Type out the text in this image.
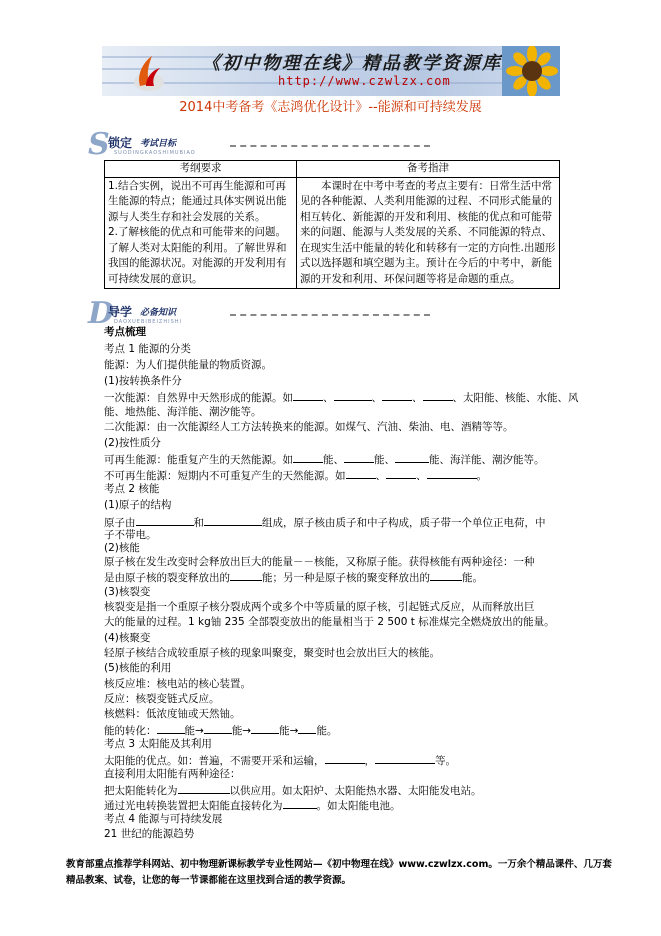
《初中物理在线》精品教学资源库
http://www.czwlzx.com
2014中考备考《志鸿优化设计》--能源和可持续发展
S
锁定 考试目标
SUODINGKAOSHIMUBIAO
考纲要求	备考指津
1.结合实例，说出不可再生能源和可再生能源的特点；能通过具体实例说出能源与人类生存和社会发展的关系。
2.了解核能的优点和可能带来的问题。了解人类对太阳能的利用。了解世界和我国的能源状况。对能源的开发利用有可持续发展的意识。	本课时在中考中考查的考点主要有：日常生活中常见的各种能源、人类利用能源的过程、不同形式能量的相互转化、新能源的开发和利用、核能的优点和可能带来的问题、能源与人类发展的关系、不同能源的特点、在现实生活中能量的转化和转移有一定的方向性.出题形式以选择题和填空题为主。预计在今后的中考中，新能源的开发和利用、环保问题等将是命题的重点。
D
导学 必备知识
DAOXUEBIBEIZHISHI
考点梳理
考点 1 能源的分类
能源：为人们提供能量的物质资源。
(1)按转换条件分
一次能源：自然界中天然形成的能源。如	、	、	、	、太阳能、核能、水能、风
能、地热能、海洋能、潮汐能等。
二次能源：由一次能源经人工方法转换来的能源。如煤气、汽油、柴油、电、酒精等等。
(2)按性质分
可再生能源：能重复产生的天然能源。如	能、	能、	能、海洋能、潮汐能等。
不可再生能源：短期内不可重复产生的天然能源。如	、	、	。
考点 2 核能
(1)原子的结构
原子由	和	组成，原子核由质子和中子构成，质子带一个单位正电荷，中
子不带电。
(2)核能
原子核在发生改变时会释放出巨大的能量－－核能，又称原子能。获得核能有两种途径：一种
是由原子核的裂变释放出的	能；另一种是原子核的聚变释放出的	能。
(3)核裂变
核裂变是指一个重原子核分裂成两个或多个中等质量的原子核，引起链式反应，从而释放出巨
大的能量的过程。1 kg铀 235 全部裂变放出的能量相当于 2 500 t 标准煤完全燃烧放出的能量。
(4)核聚变
轻原子核结合成较重原子核的现象叫聚变，聚变时也会放出巨大的核能。
(5)核能的利用
核反应堆：核电站的核心装置。
反应：核裂变链式反应。
核燃料：低浓度铀或天然铀。
能的转化：	能→	能→	能→ 能。
考点 3 太阳能及其利用
太阳能的优点。如：普遍，不需要开采和运输，	，	等。
直接利用太阳能有两种途径：
把太阳能转化为	以供应用。如太阳炉、太阳能热水器、太阳能发电站。
通过光电转换装置把太阳能直接转化为	。如太阳能电池。
考点 4 能源与可持续发展
21 世纪的能源趋势
教育部重点推荐学科网站、初中物理新课标教学专业性网站—《初中物理在线》www.czwlzx.com。一万余个精品课件、几万套精品教案、试卷，让您的每一节课都能在这里找到合适的教学资源。
